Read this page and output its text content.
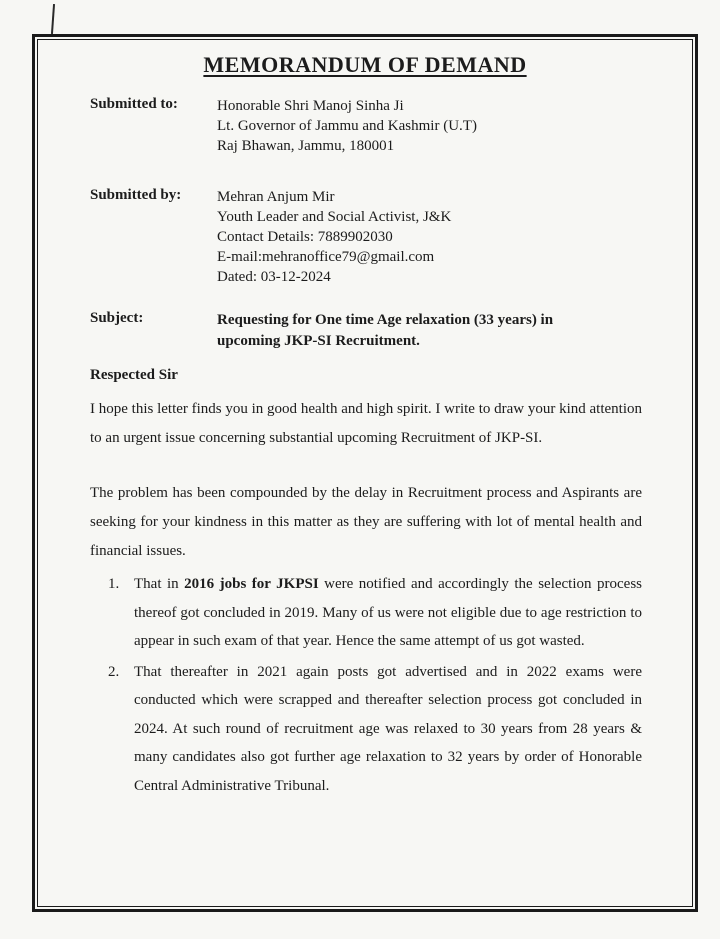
MEMORANDUM OF DEMAND
Submitted to:	Honorable Shri Manoj Sinha Ji
Lt. Governor of Jammu and Kashmir (U.T)
Raj Bhawan, Jammu, 180001
Submitted by: Mehran Anjum Mir
Youth Leader and Social Activist, J&K
Contact Details: 7889902030
E-mail:mehranoffice79@gmail.com
Dated: 03-12-2024
Subject:	Requesting for One time Age relaxation (33 years) in upcoming JKP-SI Recruitment.
Respected Sir
I hope this letter finds you in good health and high spirit. I write to draw your kind attention to an urgent issue concerning substantial upcoming Recruitment of JKP-SI.
The problem has been compounded by the delay in Recruitment process and Aspirants are seeking for your kindness in this matter as they are suffering with lot of mental health and financial issues.
1. That in 2016 jobs for JKPSI were notified and accordingly the selection process thereof got concluded in 2019. Many of us were not eligible due to age restriction to appear in such exam of that year. Hence the same attempt of us got wasted.
2. That thereafter in 2021 again posts got advertised and in 2022 exams were conducted which were scrapped and thereafter selection process got concluded in 2024. At such round of recruitment age was relaxed to 30 years from 28 years & many candidates also got further age relaxation to 32 years by order of Honorable Central Administrative Tribunal.
